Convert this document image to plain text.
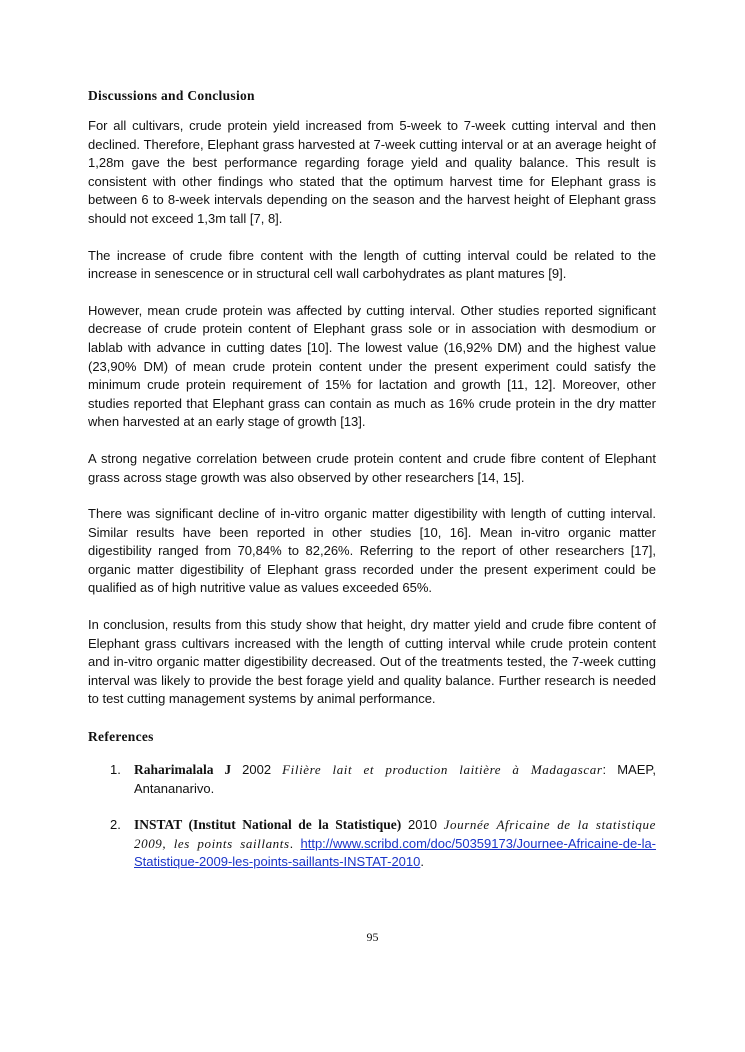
Discussions and Conclusion

For all cultivars, crude protein yield increased from 5-week to 7-week cutting interval and then declined. Therefore, Elephant grass harvested at 7-week cutting interval or at an average height of 1,28m gave the best performance regarding forage yield and quality balance. This result is consistent with other findings who stated that the optimum harvest time for Elephant grass is between 6 to 8-week intervals depending on the season and the harvest height of Elephant grass should not exceed 1,3m tall [7, 8].

The increase of crude fibre content with the length of cutting interval could be related to the increase in senescence or in structural cell wall carbohydrates as plant matures [9].

However, mean crude protein was affected by cutting interval. Other studies reported significant decrease of crude protein content of Elephant grass sole or in association with desmodium or lablab with advance in cutting dates [10]. The lowest value (16,92% DM) and the highest value (23,90% DM) of mean crude protein content under the present experiment could satisfy the minimum crude protein requirement of 15% for lactation and growth [11, 12]. Moreover, other studies reported that Elephant grass can contain as much as 16% crude protein in the dry matter when harvested at an early stage of growth [13].

A strong negative correlation between crude protein content and crude fibre content of Elephant grass across stage growth was also observed by other researchers [14, 15].

There was significant decline of in-vitro organic matter digestibility with length of cutting interval. Similar results have been reported in other studies [10, 16]. Mean in-vitro organic matter digestibility ranged from 70,84% to 82,26%. Referring to the report of other researchers [17], organic matter digestibility of Elephant grass recorded under the present experiment could be qualified as of high nutritive value as values exceeded 65%.

In conclusion, results from this study show that height, dry matter yield and crude fibre content of Elephant grass cultivars increased with the length of cutting interval while crude protein content and in-vitro organic matter digestibility decreased. Out of the treatments tested, the 7-week cutting interval was likely to provide the best forage yield and quality balance. Further research is needed to test cutting management systems by animal performance.

References
1. Raharimalala J 2002 Filière lait et production laitière à Madagascar: MAEP, Antananarivo.
2. INSTAT (Institut National de la Statistique) 2010 Journée Africaine de la statistique 2009, les points saillants. http://www.scribd.com/doc/50359173/Journee-Africaine-de-la-Statistique-2009-les-points-saillants-INSTAT-2010.
95
